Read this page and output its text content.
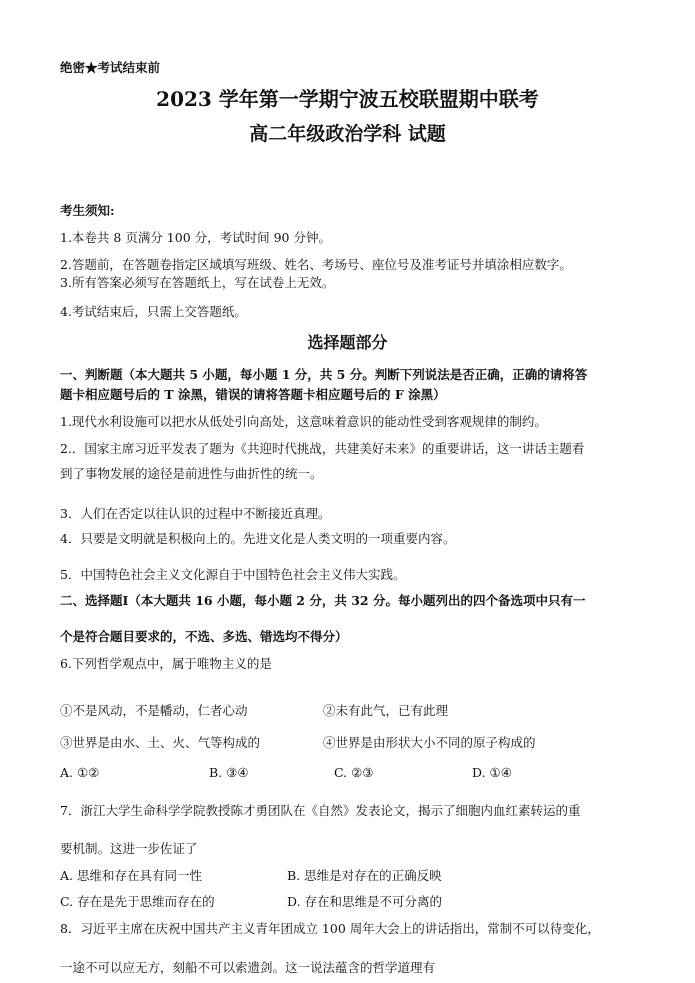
绝密★考试结束前
2023 学年第一学期宁波五校联盟期中联考
高二年级政治学科 试题
考生须知:
1.本卷共 8 页满分 100 分，考试时间 90 分钟。
2.答题前，在答题卷指定区域填写班级、姓名、考场号、座位号及准考证号并填涂相应数字。
3.所有答案必须写在答题纸上，写在试卷上无效。
4.考试结束后，只需上交答题纸。
选择题部分
一、判断题（本大题共 5 小题，每小题 1 分，共 5 分。判断下列说法是否正确，正确的请将答
题卡相应题号后的 T 涂黑，错误的请将答题卡相应题号后的 F 涂黑）
1.现代水利设施可以把水从低处引向高处，这意味着意识的能动性受到客观规律的制约。
2.．国家主席习近平发表了题为《共迎时代挑战，共建美好未来》的重要讲话，这一讲话主题看
到了事物发展的途径是前进性与曲折性的统一。
3．人们在否定以往认识的过程中不断接近真理。
4．只要是文明就是积极向上的。先进文化是人类文明的一项重要内容。
5．中国特色社会主义文化源自于中国特色社会主义伟大实践。
二、选择题Ⅰ（本大题共 16 小题，每小题 2 分，共 32 分。每小题列出的四个备选项中只有一
个是符合题目要求的，不选、多选、错选均不得分）
6.下列哲学观点中，属于唯物主义的是
①不是风动，不是幡动，仁者心动	②未有此气，已有此理
③世界是由水、土、火、气等构成的	④世界是由形状大小不同的原子构成的
A. ①②	B. ③④	C. ②③	D. ①④
7．浙江大学生命科学学院教授陈才勇团队在《自然》发表论文，揭示了细胞内血红素转运的重
要机制。这进一步佐证了
A. 思维和存在具有同一性	B. 思维是对存在的正确反映
C. 存在是先于思维而存在的	D. 存在和思维是不可分离的
8．习近平主席在庆祝中国共产主义青年团成立 100 周年大会上的讲话指出，常制不可以待变化，
一途不可以应无方，刻船不可以索遗剑。这一说法蕴含的哲学道理有
